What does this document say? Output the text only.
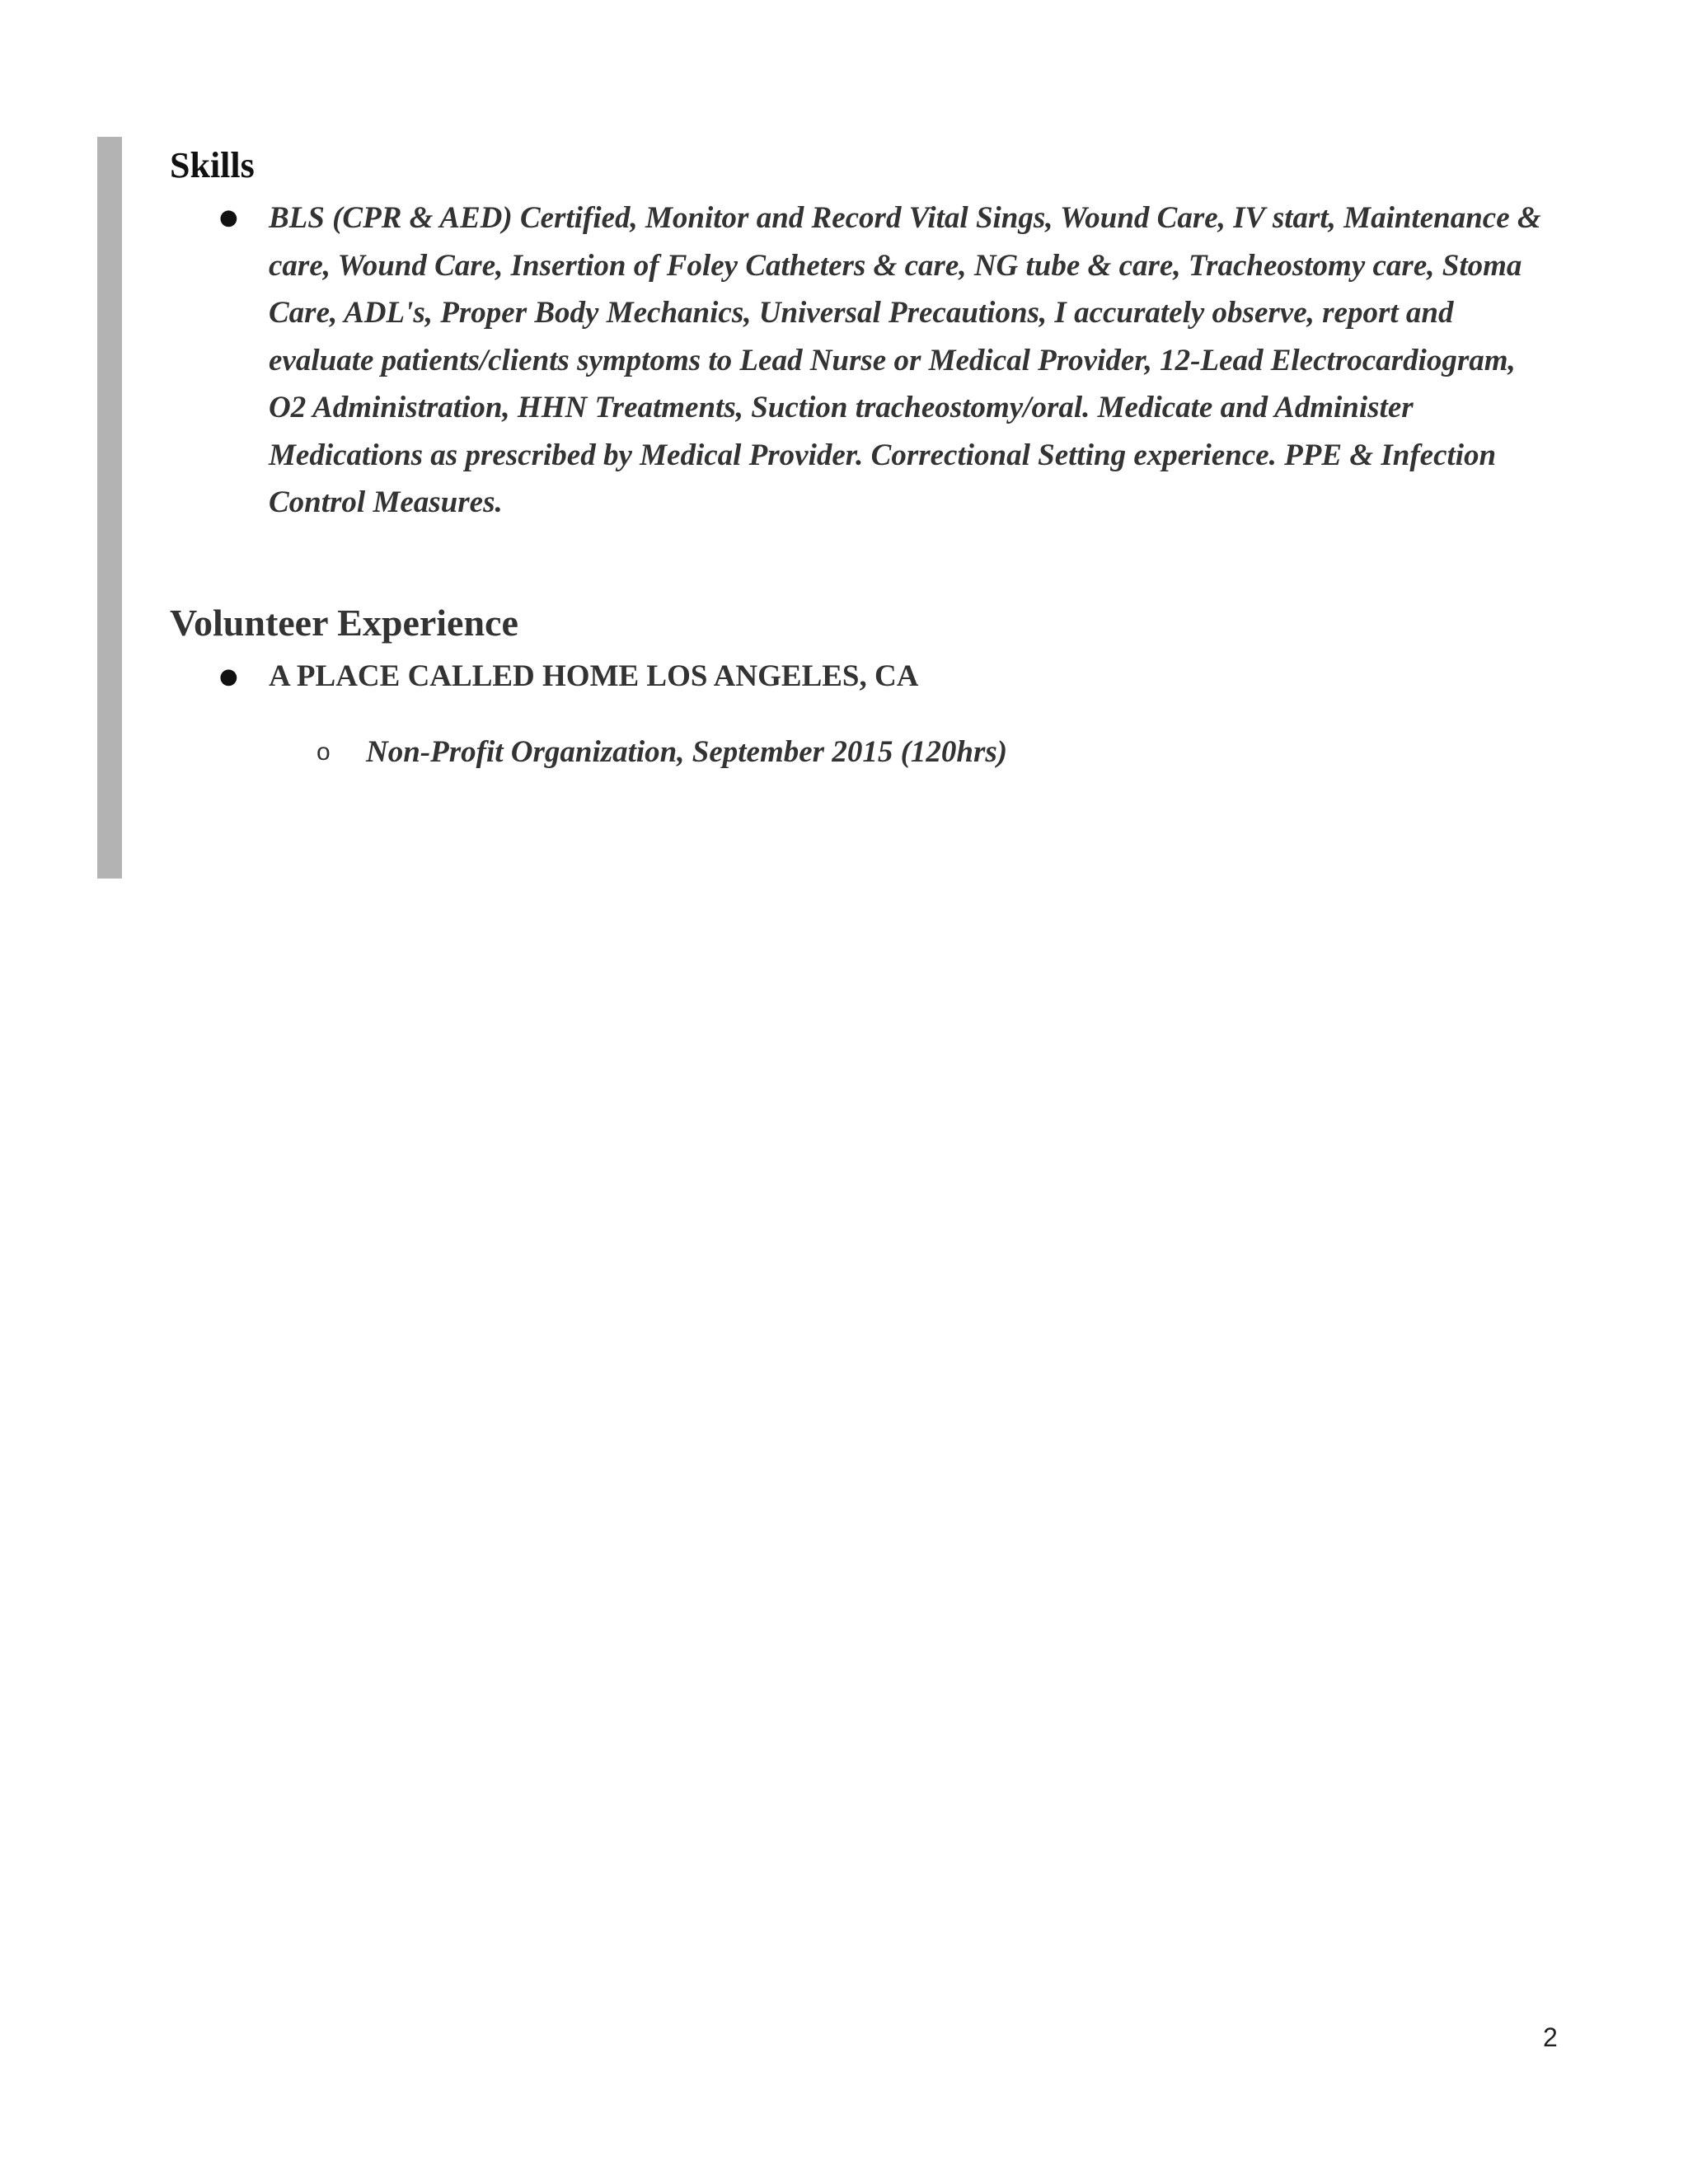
Skills
● BLS (CPR & AED) Certified, Monitor and Record Vital Sings, Wound Care, IV start, Maintenance & care, Wound Care, Insertion of Foley Catheters & care, NG tube & care, Tracheostomy care, Stoma Care, ADL's, Proper Body Mechanics, Universal Precautions, I accurately observe, report and evaluate patients/clients symptoms to Lead Nurse or Medical Provider, 12-Lead Electrocardiogram, O2 Administration, HHN Treatments, Suction tracheostomy/oral. Medicate and Administer Medications as prescribed by Medical Provider. Correctional Setting experience. PPE & Infection Control Measures.
Volunteer Experience
● A PLACE CALLED HOME LOS ANGELES, CA
o Non-Profit Organization, September 2015 (120hrs)
2
